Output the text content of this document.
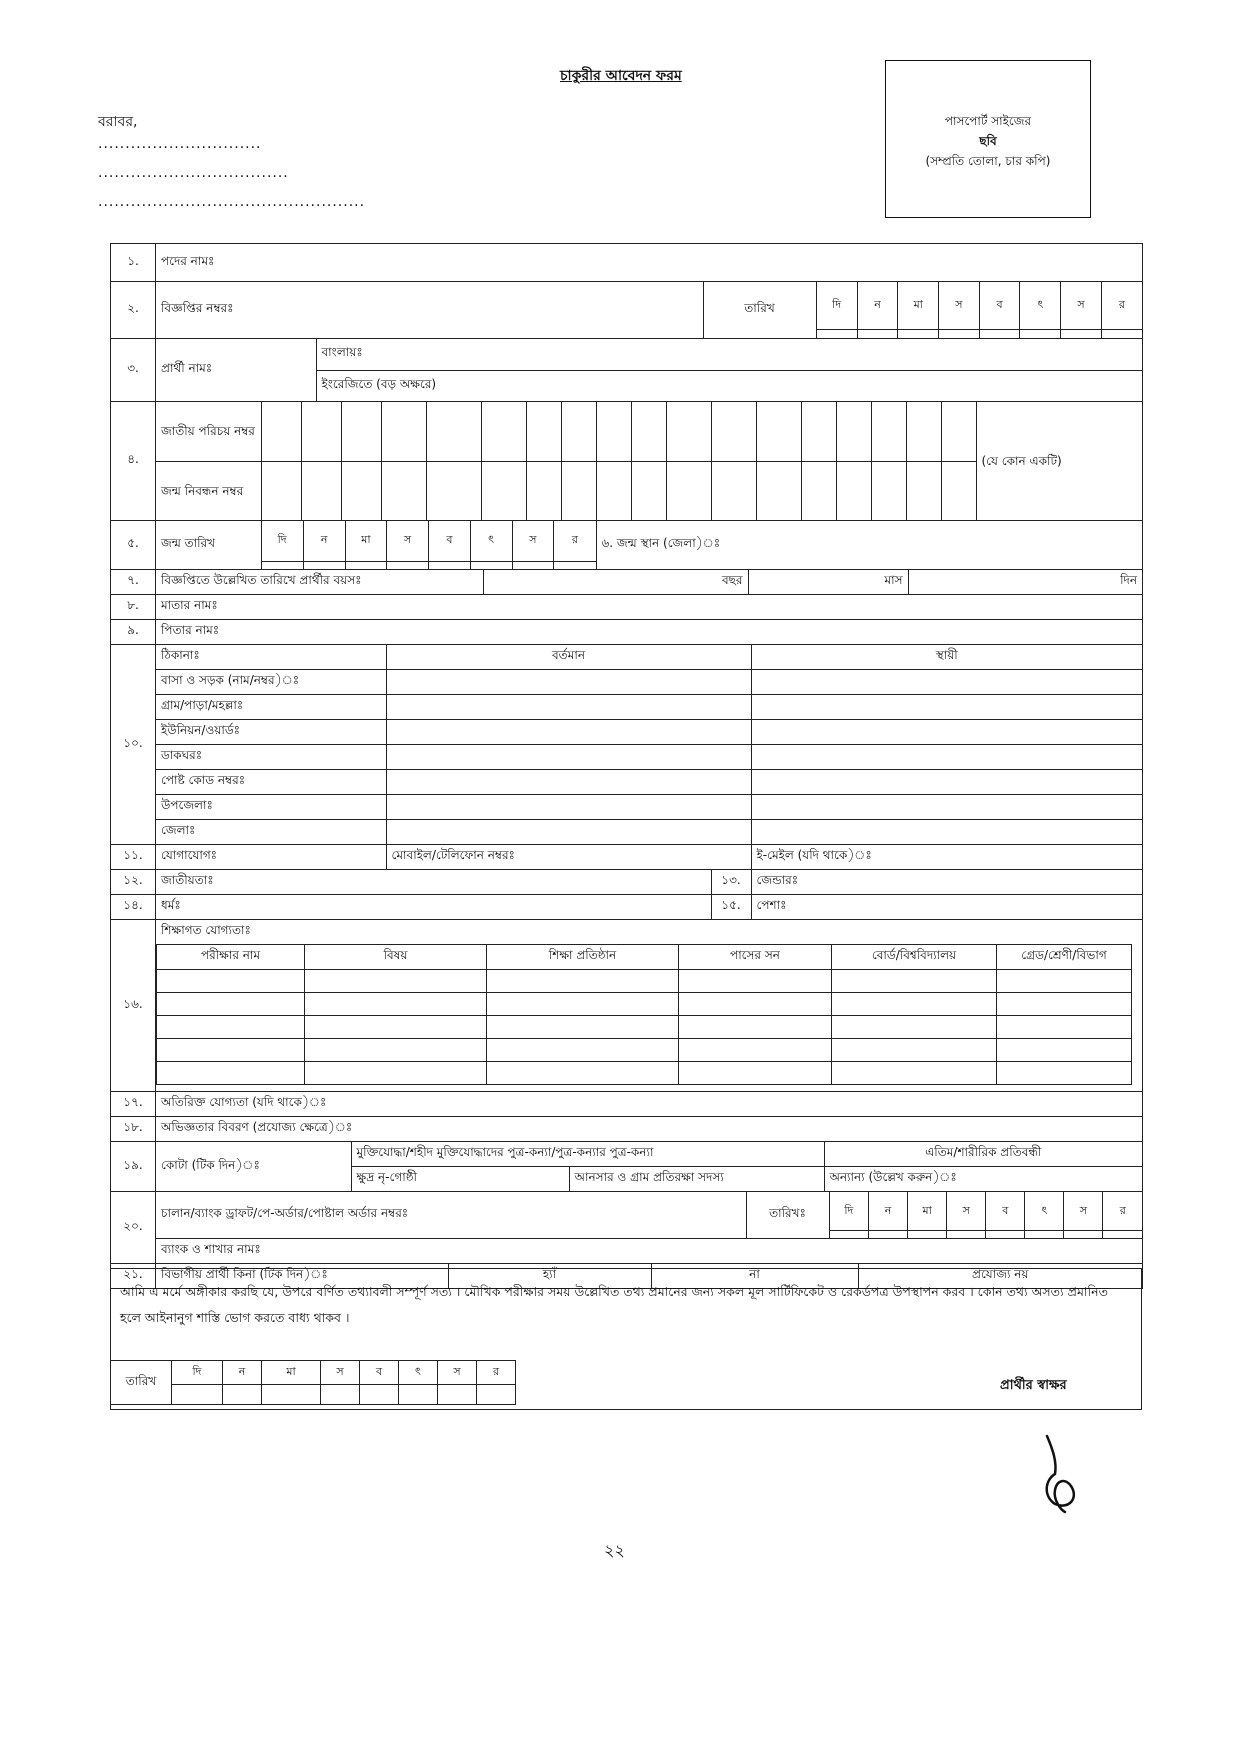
চাকুরীর আবেদন ফরম
বরাবর,
..............................
...................................
.................................................
পাসপোর্ট সাইজের
ছবি
(সম্প্রতি তোলা, চার কপি)
১.	পদের নামঃ
২.	বিজ্ঞপ্তির নম্বরঃ	তারিখ		দি	ন	মা	স	ব	ৎ	স	র

৩.	প্রার্থী নামঃ	বাংলায়ঃ
ইংরেজিতে (বড় অক্ষরে)

৪.	
জাতীয় পরিচয় নম্বর																			(যে কোন একটি)
জন্ম নিবন্ধন নম্বর																		

৫.	জন্ম তারিখ		দি	ন	মা	স	ব	ৎ	স	র

	৬. জন্ম স্থান (জেলা)ঃ

৭.	বিজ্ঞপ্তিতে উল্লেখিত তারিখে প্রার্থীর বয়সঃ	বছর	মাস	দিন

৮.	মাতার নামঃ
৯.	পিতার নামঃ
১০.	
ঠিকানাঃ	বর্তমান	স্থায়ী
বাসা ও সড়ক (নাম/নম্বর)ঃ		
গ্রাম/পাড়া/মহল্লাঃ		
ইউনিয়ন/ওয়ার্ডঃ		
ডাকঘরঃ		
পোষ্ট কোড নম্বরঃ		
উপজেলাঃ		
জেলাঃ		

১১.	যোগাযোগঃ	মোবাইল/টেলিফোন নম্বরঃ	ই-মেইল (যদি থাকে)ঃ

১২.	জাতীয়তাঃ	১৩.	জেন্ডারঃ

১৪.	ধর্মঃ	১৫.	পেশাঃ

১৬.	
শিক্ষাগত যোগ্যতাঃ

পরীক্ষার নাম	বিষয়	শিক্ষা প্রতিষ্ঠান	পাসের সন	বোর্ড/বিশ্ববিদ্যালয়	গ্রেড/শ্রেণী/বিভাগ

১৭.	অতিরিক্ত যোগ্যতা (যদি থাকে)ঃ
১৮.	অভিজ্ঞতার বিবরণ (প্রযোজ্য ক্ষেত্রে)ঃ
১৯.	কোটা (টিক দিন)ঃ	মুক্তিযোদ্ধা/শহীদ মুক্তিযোদ্ধাদের পুত্র-কন্যা/পুত্র-কন্যার পুত্র-কন্যা	এতিম/শারীরিক প্রতিবন্ধী
ক্ষুদ্র নৃ-গোষ্ঠী	আনসার ও গ্রাম প্রতিরক্ষা সদস্য	অন্যান্য (উল্লেখ করুন)ঃ

২০.	
চালান/ব্যাংক ড্রাফট/পে-অর্ডার/পোষ্টাল অর্ডার নম্বরঃ	তারিখঃ		দি	ন	মা	স	ব	ৎ	স	র

ব্যাংক ও শাখার নামঃ

২১.	বিভাগীয় প্রার্থী কিনা (টিক দিন)ঃ	হ্যাঁ	না	প্রযোজ্য নয়
আমি এ মর্মে অঙ্গীকার করছি যে, উপরে বর্ণিত তথ্যাবলী সম্পূর্ণ সত্য । মৌখিক পরীক্ষার সময় উল্লেখিত তথ্য প্রমানের জন্য সকল মূল সার্টিফিকেট ও রেকর্ডপত্র উপস্থাপন করব । কোন তথ্য অসত্য প্রমানিত হলে আইনানুগ শাস্তি ভোগ করতে বাধ্য থাকব ।
তারিখ	দি	ন	মা	স	ব	ৎ	স	র

প্রার্থীর স্বাক্ষর
২২
